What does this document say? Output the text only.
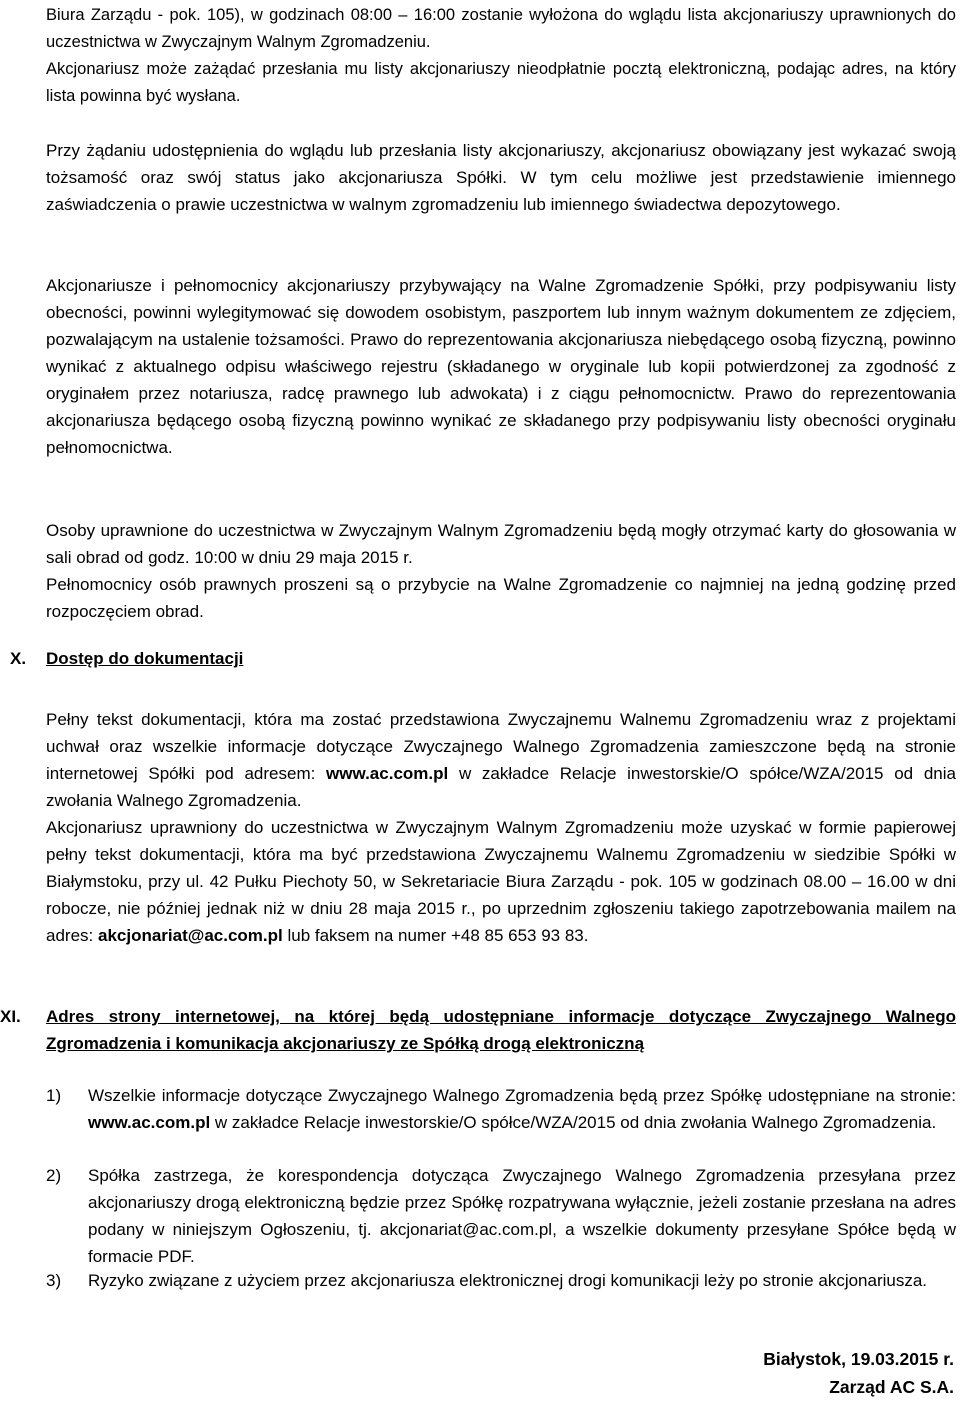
Biura Zarządu - pok. 105), w godzinach 08:00 – 16:00 zostanie wyłożona do wglądu lista akcjonariuszy uprawnionych do uczestnictwa w Zwyczajnym Walnym Zgromadzeniu.

Akcjonariusz może zażądać przesłania mu listy akcjonariuszy nieodpłatnie pocztą elektroniczną, podając adres, na który lista powinna być wysłana.

Przy żądaniu udostępnienia do wglądu lub przesłania listy akcjonariuszy, akcjonariusz obowiązany jest wykazać swoją tożsamość oraz swój status jako akcjonariusza Spółki. W tym celu możliwe jest przedstawienie imiennego zaświadczenia o prawie uczestnictwa w walnym zgromadzeniu lub imiennego świadectwa depozytowego.

Akcjonariusze i pełnomocnicy akcjonariuszy przybywający na Walne Zgromadzenie Spółki, przy podpisywaniu listy obecności, powinni wylegitymować się dowodem osobistym, paszportem lub innym ważnym dokumentem ze zdjęciem, pozwalającym na ustalenie tożsamości. Prawo do reprezentowania akcjonariusza niebędącego osobą fizyczną, powinno wynikać z aktualnego odpisu właściwego rejestru (składanego w oryginale lub kopii potwierdzonej za zgodność z oryginałem przez notariusza, radcę prawnego lub adwokata) i z ciągu pełnomocnictw. Prawo do reprezentowania akcjonariusza będącego osobą fizyczną powinno wynikać ze składanego przy podpisywaniu listy obecności oryginału pełnomocnictwa.

Osoby uprawnione do uczestnictwa w Zwyczajnym Walnym Zgromadzeniu będą mogły otrzymać karty do głosowania w sali obrad od godz. 10:00 w dniu 29 maja 2015 r.

Pełnomocnicy osób prawnych proszeni są o przybycie na Walne Zgromadzenie co najmniej na jedną godzinę przed rozpoczęciem obrad.

X.	Dostęp do dokumentacji

Pełny tekst dokumentacji, która ma zostać przedstawiona Zwyczajnemu Walnemu Zgromadzeniu wraz z projektami uchwał oraz wszelkie informacje dotyczące Zwyczajnego Walnego Zgromadzenia zamieszczone będą na stronie internetowej Spółki pod adresem: www.ac.com.pl w zakładce Relacje inwestorskie/O spółce/WZA/2015 od dnia zwołania Walnego Zgromadzenia.

Akcjonariusz uprawniony do uczestnictwa w Zwyczajnym Walnym Zgromadzeniu może uzyskać w formie papierowej pełny tekst dokumentacji, która ma być przedstawiona Zwyczajnemu Walnemu Zgromadzeniu w siedzibie Spółki w Białymstoku, przy ul. 42 Pułku Piechoty 50, w Sekretariacie Biura Zarządu - pok. 105 w godzinach 08.00 – 16.00 w dni robocze, nie później jednak niż w dniu 28 maja 2015 r., po uprzednim zgłoszeniu takiego zapotrzebowania mailem na adres: akcjonariat@ac.com.pl lub faksem na numer +48 85 653 93 83.

XI.	Adres strony internetowej, na której będą udostępniane informacje dotyczące Zwyczajnego Walnego Zgromadzenia i komunikacja akcjonariuszy ze Spółką drogą elektroniczną
1)	Wszelkie informacje dotyczące Zwyczajnego Walnego Zgromadzenia będą przez Spółkę udostępniane na stronie: www.ac.com.pl w zakładce Relacje inwestorskie/O spółce/WZA/2015 od dnia zwołania Walnego Zgromadzenia.
2)	Spółka zastrzega, że korespondencja dotycząca Zwyczajnego Walnego Zgromadzenia przesyłana przez akcjonariuszy drogą elektroniczną będzie przez Spółkę rozpatrywana wyłącznie, jeżeli zostanie przesłana na adres podany w niniejszym Ogłoszeniu, tj. akcjonariat@ac.com.pl, a wszelkie dokumenty przesyłane Spółce będą w formacie PDF.
3)	Ryzyko związane z użyciem przez akcjonariusza elektronicznej drogi komunikacji leży po stronie akcjonariusza.
Białystok, 19.03.2015 r.
Zarząd AC S.A.
